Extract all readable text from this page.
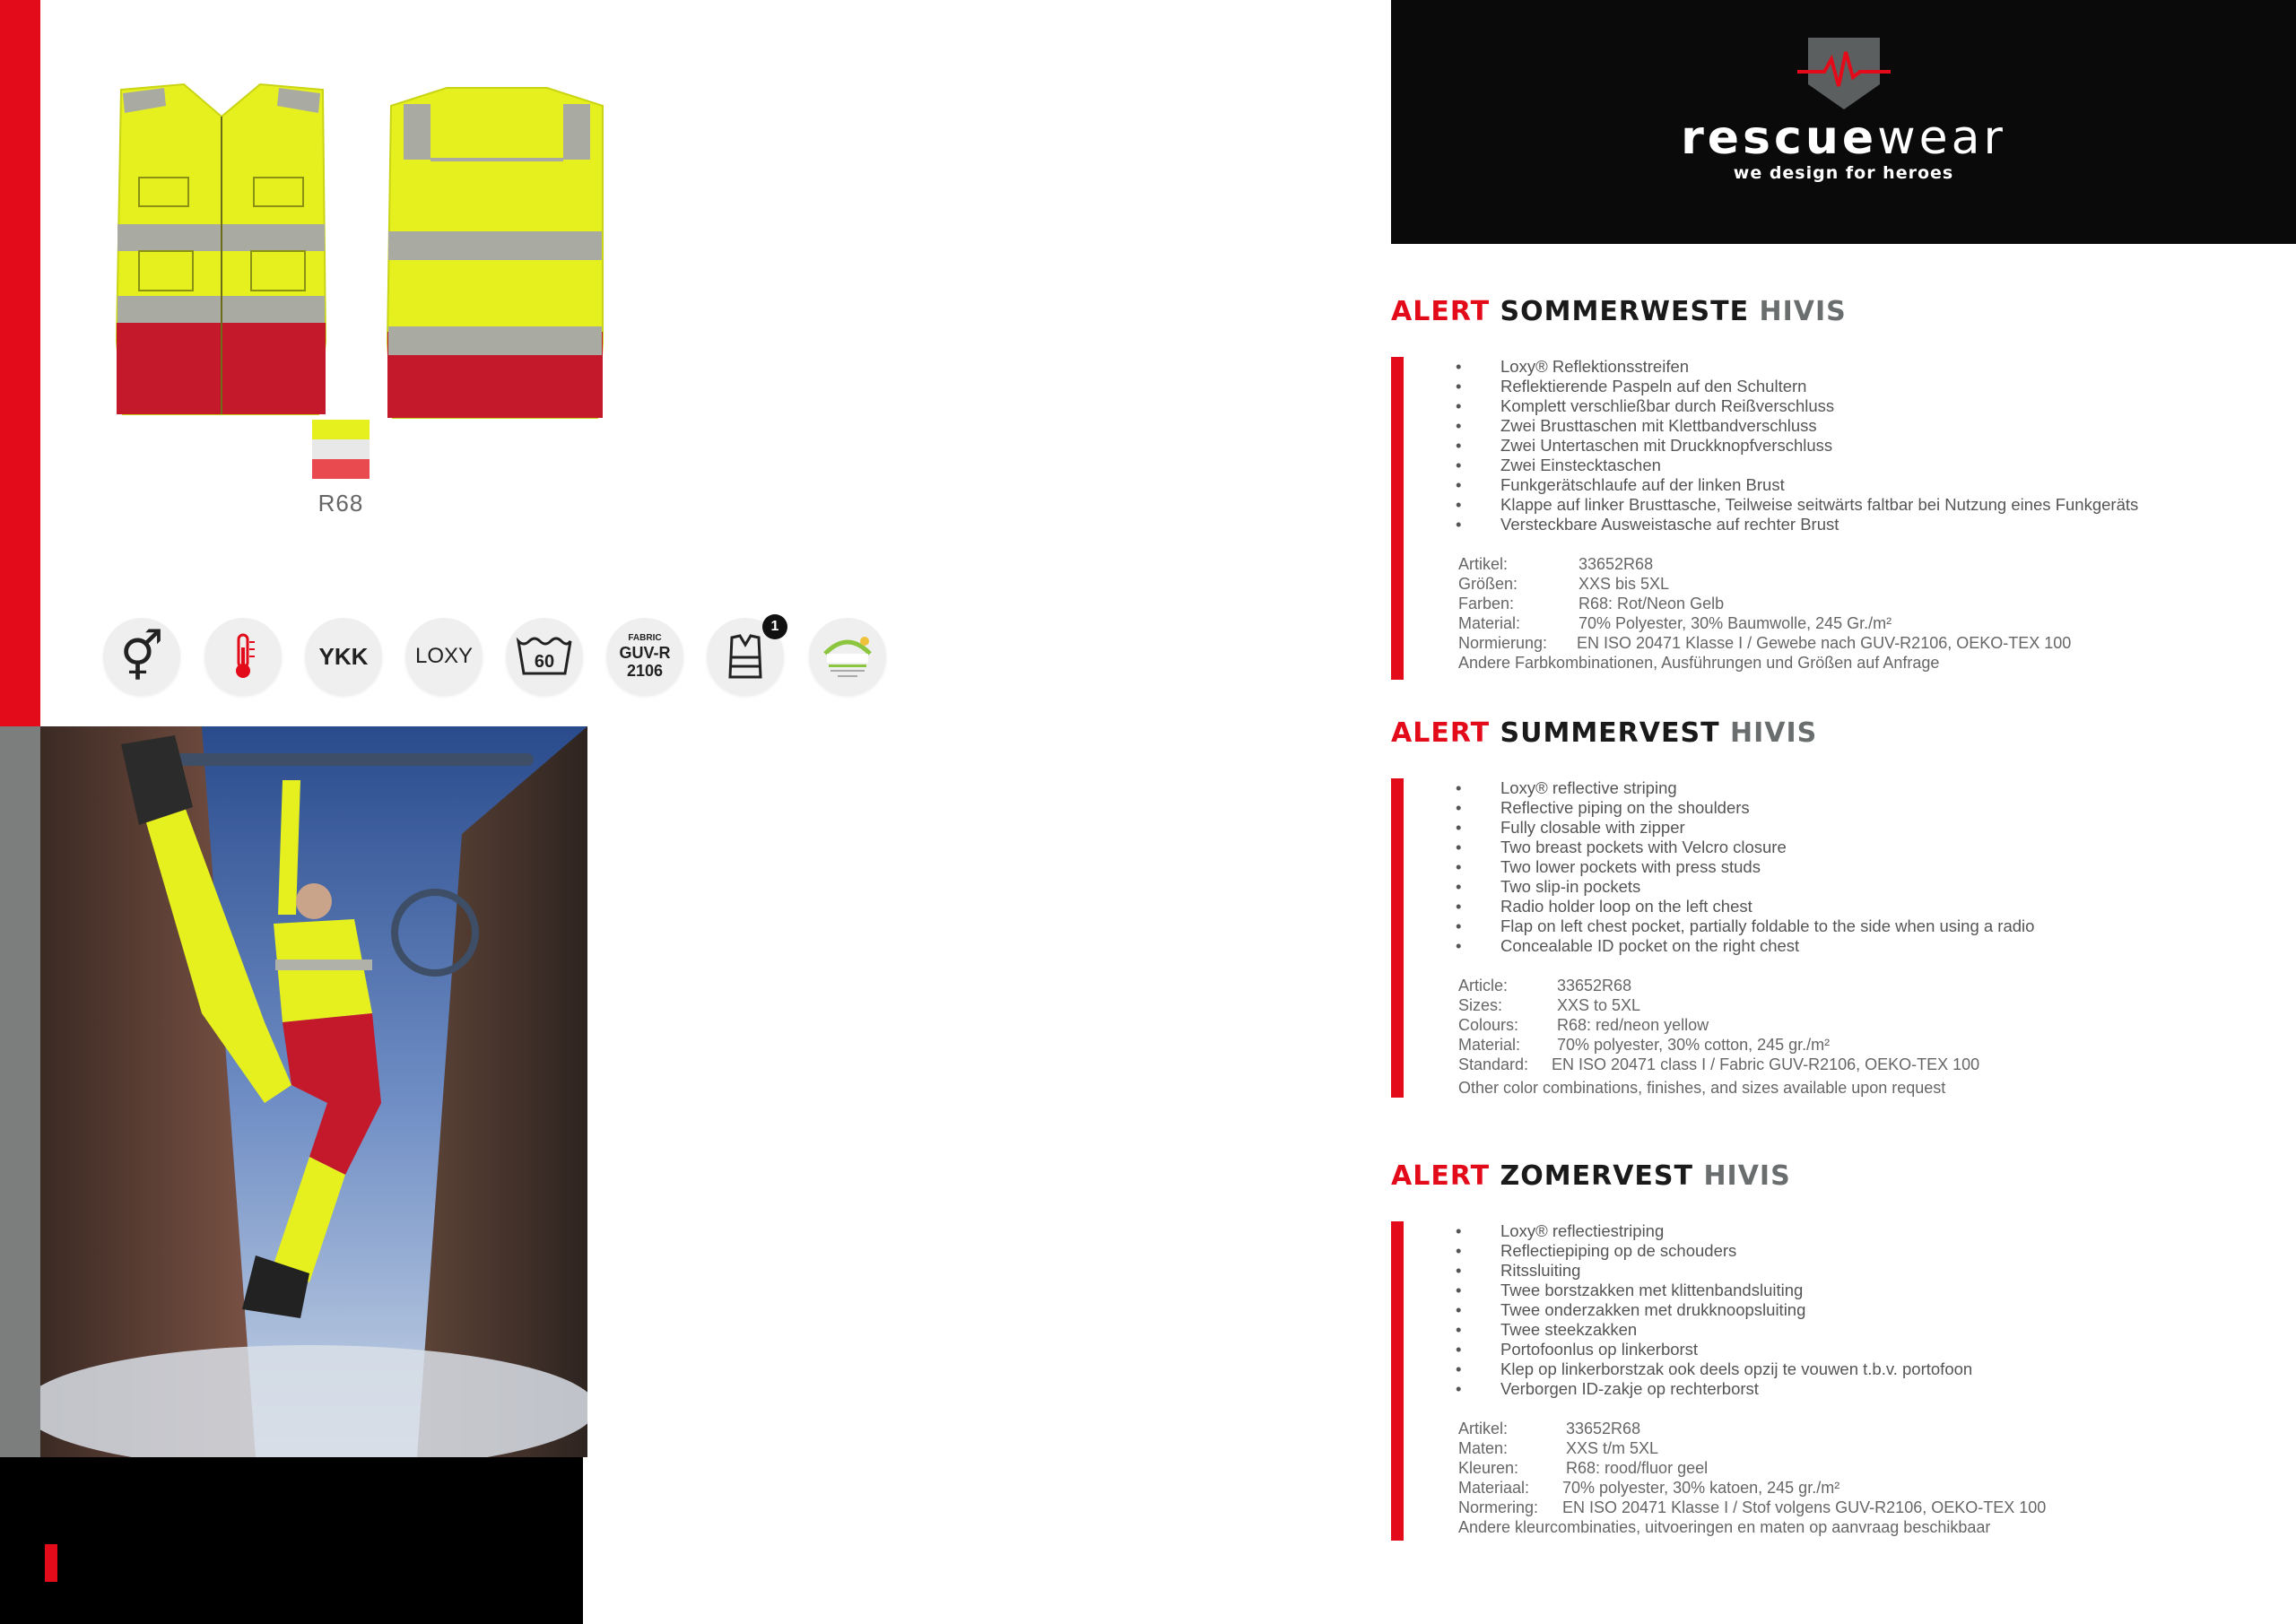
R68
⚥	YKK LOXY	60
FABRIC
GUV-R
2106
1
rescuewear
we design for heroes
ALERT SOMMERWESTE HIVIS
• Loxy® Reflektionsstreifen
• Reflektierende Paspeln auf den Schultern
• Komplett verschließbar durch Reißverschluss
• Zwei Brusttaschen mit Klettbandverschluss
• Zwei Untertaschen mit Druckknopfverschluss
• Zwei Einstecktaschen
• Funkgerätschlaufe auf der linken Brust
• Klappe auf linker Brusttasche, Teilweise seitwärts faltbar bei Nutzung eines Funkgeräts
• Versteckbare Ausweistasche auf rechter Brust
Artikel:	33652R68
Größen:	XXS bis 5XL
Farben:	R68: Rot/Neon Gelb
Material:	70% Polyester, 30% Baumwolle, 245 Gr./m²
Normierung:	EN ISO 20471 Klasse I / Gewebe nach GUV-R2106, OEKO-TEX 100
Andere Farbkombinationen, Ausführungen und Größen auf Anfrage
ALERT SUMMERVEST HIVIS
• Loxy® reflective striping
• Reflective piping on the shoulders
• Fully closable with zipper
• Two breast pockets with Velcro closure
• Two lower pockets with press studs
• Two slip-in pockets
• Radio holder loop on the left chest
• Flap on left chest pocket, partially foldable to the side when using a radio
• Concealable ID pocket on the right chest
Article:	33652R68
Sizes:	XXS to 5XL
Colours:	R68: red/neon yellow
Material:	70% polyester, 30% cotton, 245 gr./m²
Standard:	EN ISO 20471 class I / Fabric GUV-R2106, OEKO-TEX 100
Other color combinations, finishes, and sizes available upon request
ALERT ZOMERVEST HIVIS
• Loxy® reflectiestriping
• Reflectiepiping op de schouders
• Ritssluiting
• Twee borstzakken met klittenbandsluiting
• Twee onderzakken met drukknoopsluiting
• Twee steekzakken
• Portofoonlus op linkerborst
• Klep op linkerborstzak ook deels opzij te vouwen t.b.v. portofoon
• Verborgen ID-zakje op rechterborst
Artikel:	33652R68
Maten:	XXS t/m 5XL
Kleuren:	R68: rood/fluor geel
Materiaal:	70% polyester, 30% katoen, 245 gr./m²
Normering:	EN ISO 20471 Klasse I / Stof volgens GUV-R2106, OEKO-TEX 100
Andere kleurcombinaties, uitvoeringen en maten op aanvraag beschikbaar
